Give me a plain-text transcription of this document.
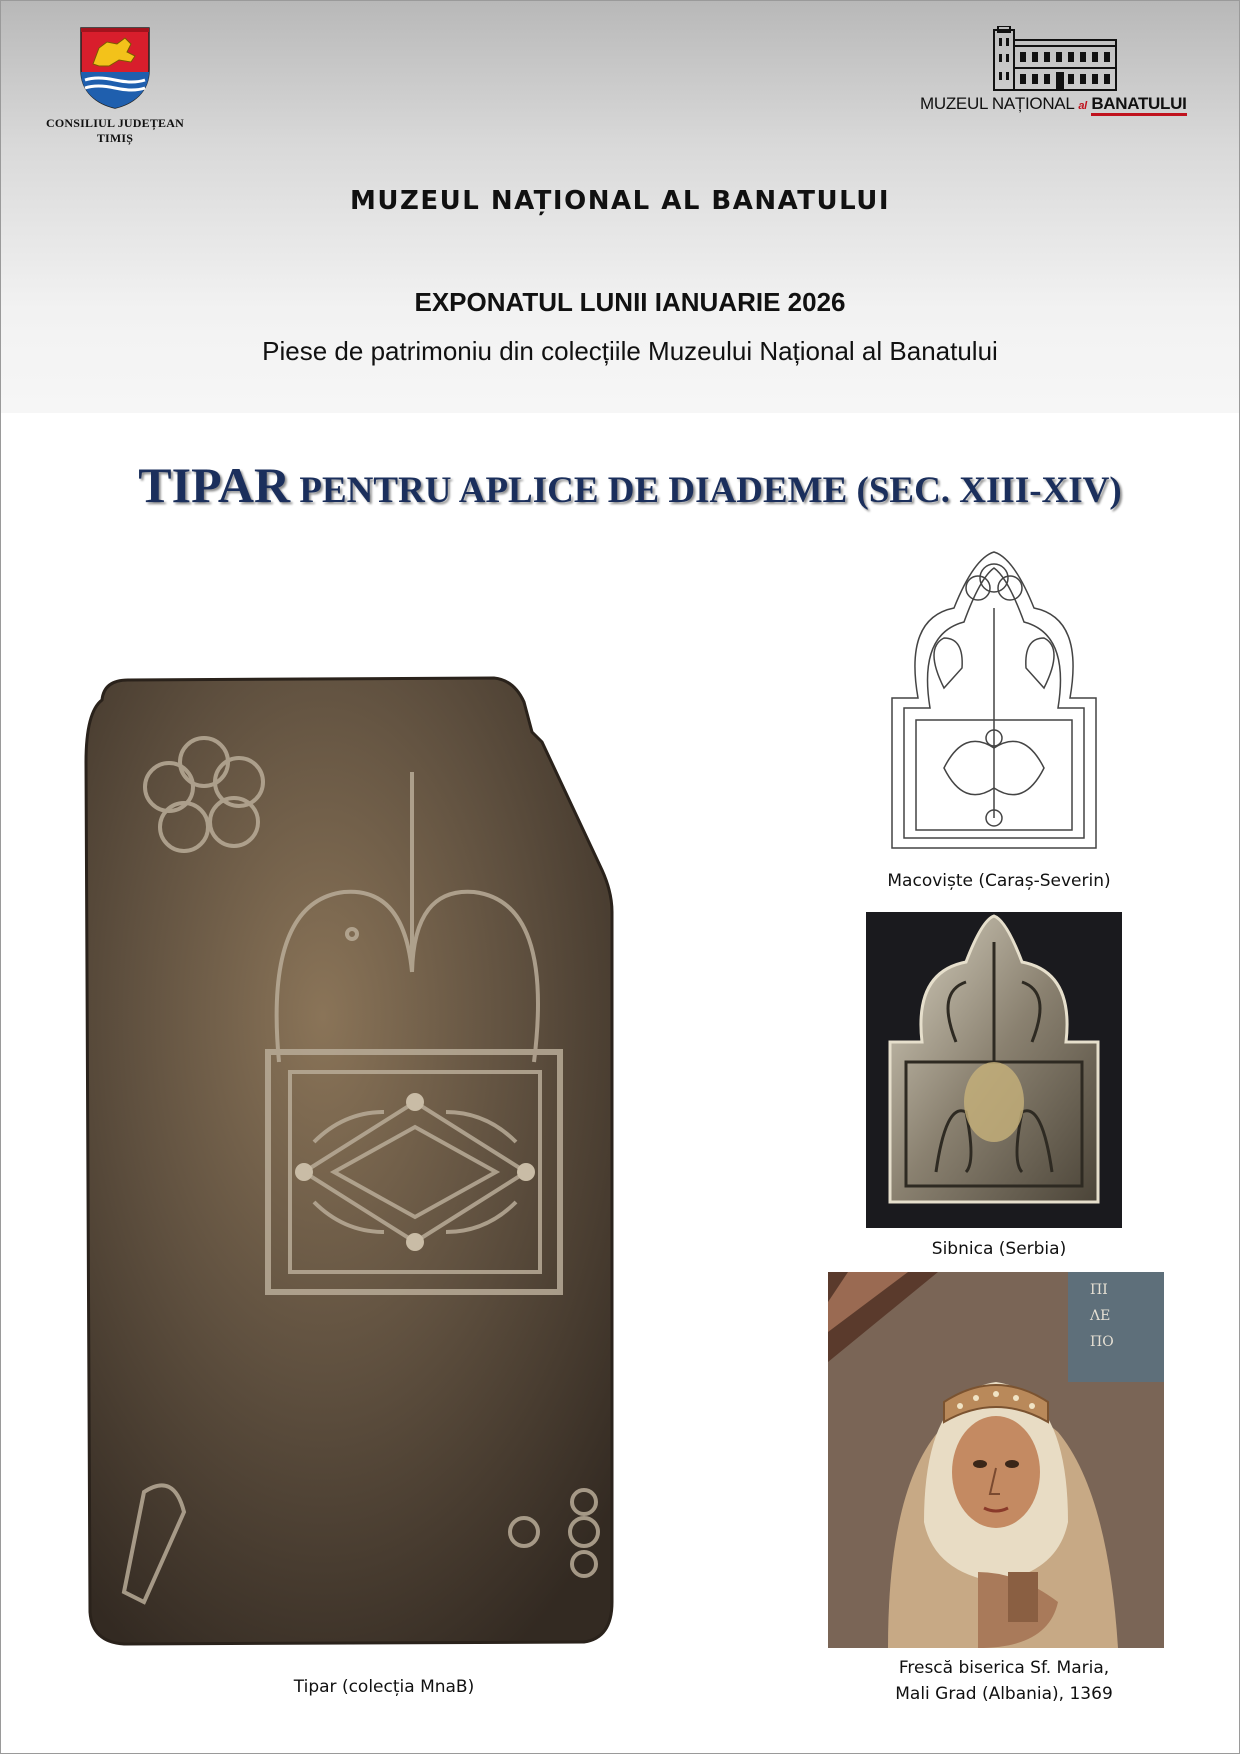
CONSILIUL JUDEȚEAN
TIMIȘ
MUZEUL NAȚIONAL al BANATULUI
MUZEUL NAȚIONAL AL BANATULUI
EXPONATUL LUNII IANUARIE 2026
Piese de patrimoniu din colecțiile Muzeului Național al Banatului
TIPAR PENTRU APLICE DE DIADEME (SEC. XIII-XIV)
Tipar (colecția MnaB)
Macoviște (Caraș-Severin)
Sibnica (Serbia)
ΠΙ
ΛΕ
ΠΟ
Frescă biserica Sf. Maria,
Mali Grad (Albania), 1369
